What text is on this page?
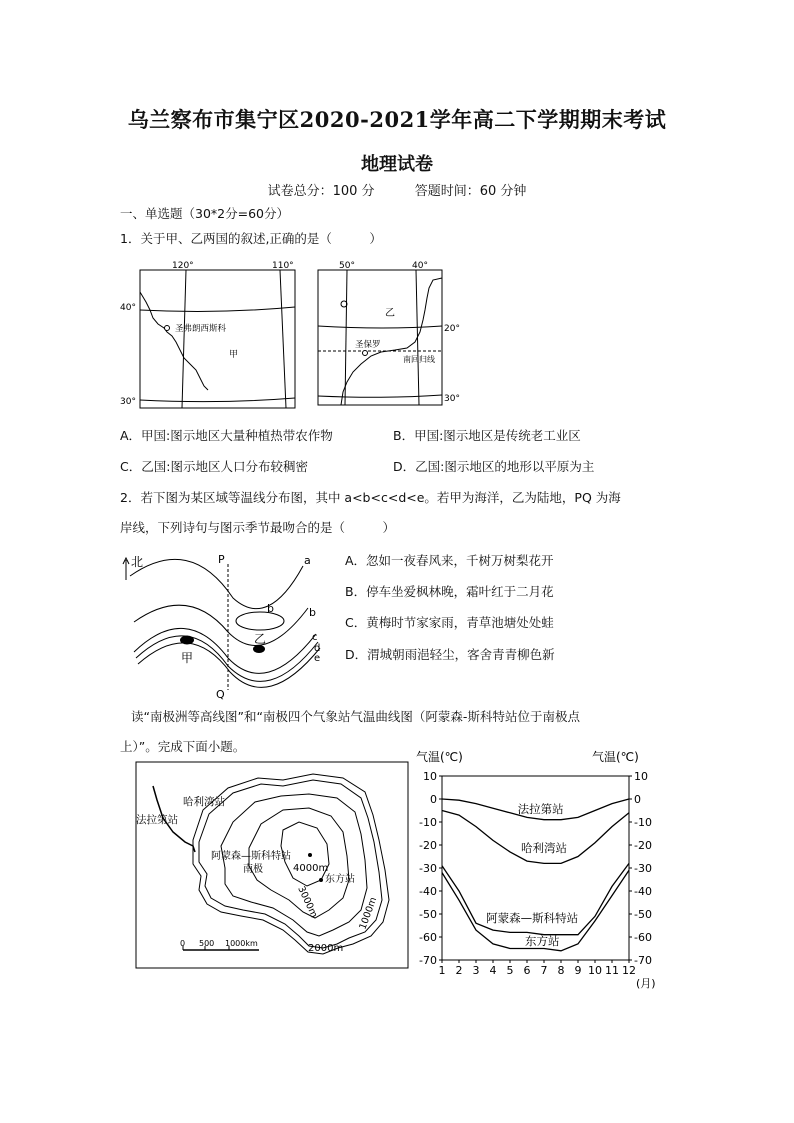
乌兰察布市集宁区2020-2021学年高二下学期期末考试
地理试卷
试卷总分：100 分	答题时间：60 分钟
一、单选题（30*2分=60分）
1．关于甲、乙两国的叙述,正确的是（　　　）
圣弗朗西斯科
甲
120°	110°
40°
30°
圣保罗
乙
南回归线
50°	40°
20°
30°
A．甲国:图示地区大量种植热带农作物	B．甲国:图示地区是传统老工业区
C．乙国:图示地区人口分布较稠密	D．乙国:图示地区的地形以平原为主
2．若下图为某区域等温线分布图，其中 a<b<c<d<e。若甲为海洋，乙为陆地，PQ 为海
岸线，下列诗句与图示季节最吻合的是（　　　）
北	P
Q
a
b
b
c
d
e
甲
乙
A．忽如一夜春风来，千树万树梨花开
B．停车坐爱枫林晚，霜叶红于二月花
C．黄梅时节家家雨，青草池塘处处蛙
D．渭城朝雨浥轻尘，客舍青青柳色新
读“南极洲等高线图”和“南极四个气象站气温曲线图（阿蒙森-斯科特站位于南极点
上）”。完成下面小题。
哈利湾站
法拉第站
阿蒙森—斯科特站
南极	4000m
东方站
3000m
2000m
1000m
0 500 1000km
气温(℃)	气温(℃)
(月)
10	10
0	0
-10	-10
-20	-20
-30	-30
-40	-40
-50	-50
-60	-60
-70	-70
1 2 3 4 5 6 7 8 9 10 11 12
法拉第站
哈利湾站
阿蒙森—斯科特站
东方站
